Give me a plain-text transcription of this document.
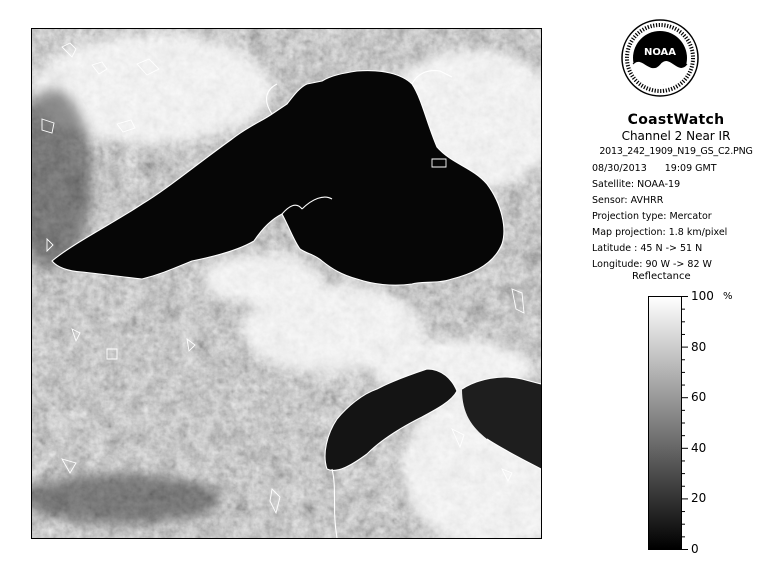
NOAA
CoastWatch
Channel 2 Near IR
2013_242_1909_N19_GS_C2.PNG
08/30/2013 19:09 GMT
Satellite: NOAA-19
Sensor: AVHRR
Projection type: Mercator
Map projection: 1.8 km/pixel
Latitude : 45 N -> 51 N
Longitude: 90 W -> 82 W
Reflectance
%
100
80
60
40
20
0
